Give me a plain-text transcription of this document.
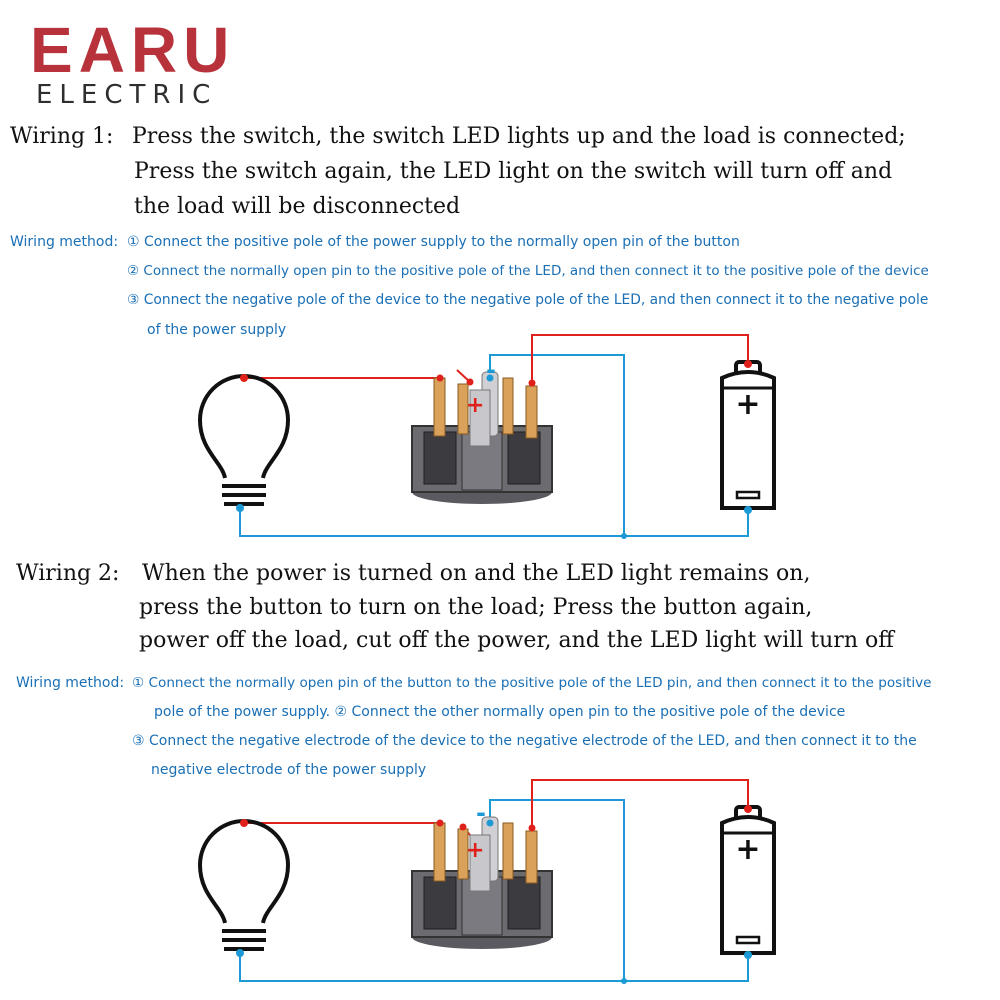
EARU
ELECTRIC
Wiring 1: Press the switch, the switch LED lights up and the load is connected;
Press the switch again, the LED light on the switch will turn off and
the load will be disconnected
Wiring method: ① Connect the positive pole of the power supply to the normally open pin of the button
② Connect the normally open pin to the positive pole of the LED, and then connect it to the positive pole of the device
③ Connect the negative pole of the device to the negative pole of the LED, and then connect it to the negative pole
of the power supply
+
-
+
Wiring 2: When the power is turned on and the LED light remains on,
press the button to turn on the load; Press the button again,
power off the load, cut off the power, and the LED light will turn off
Wiring method: ① Connect the normally open pin of the button to the positive pole of the LED pin, and then connect it to the positive
pole of the power supply. ② Connect the other normally open pin to the positive pole of the device
③ Connect the negative electrode of the device to the negative electrode of the LED, and then connect it to the
negative electrode of the power supply
+
-
+
